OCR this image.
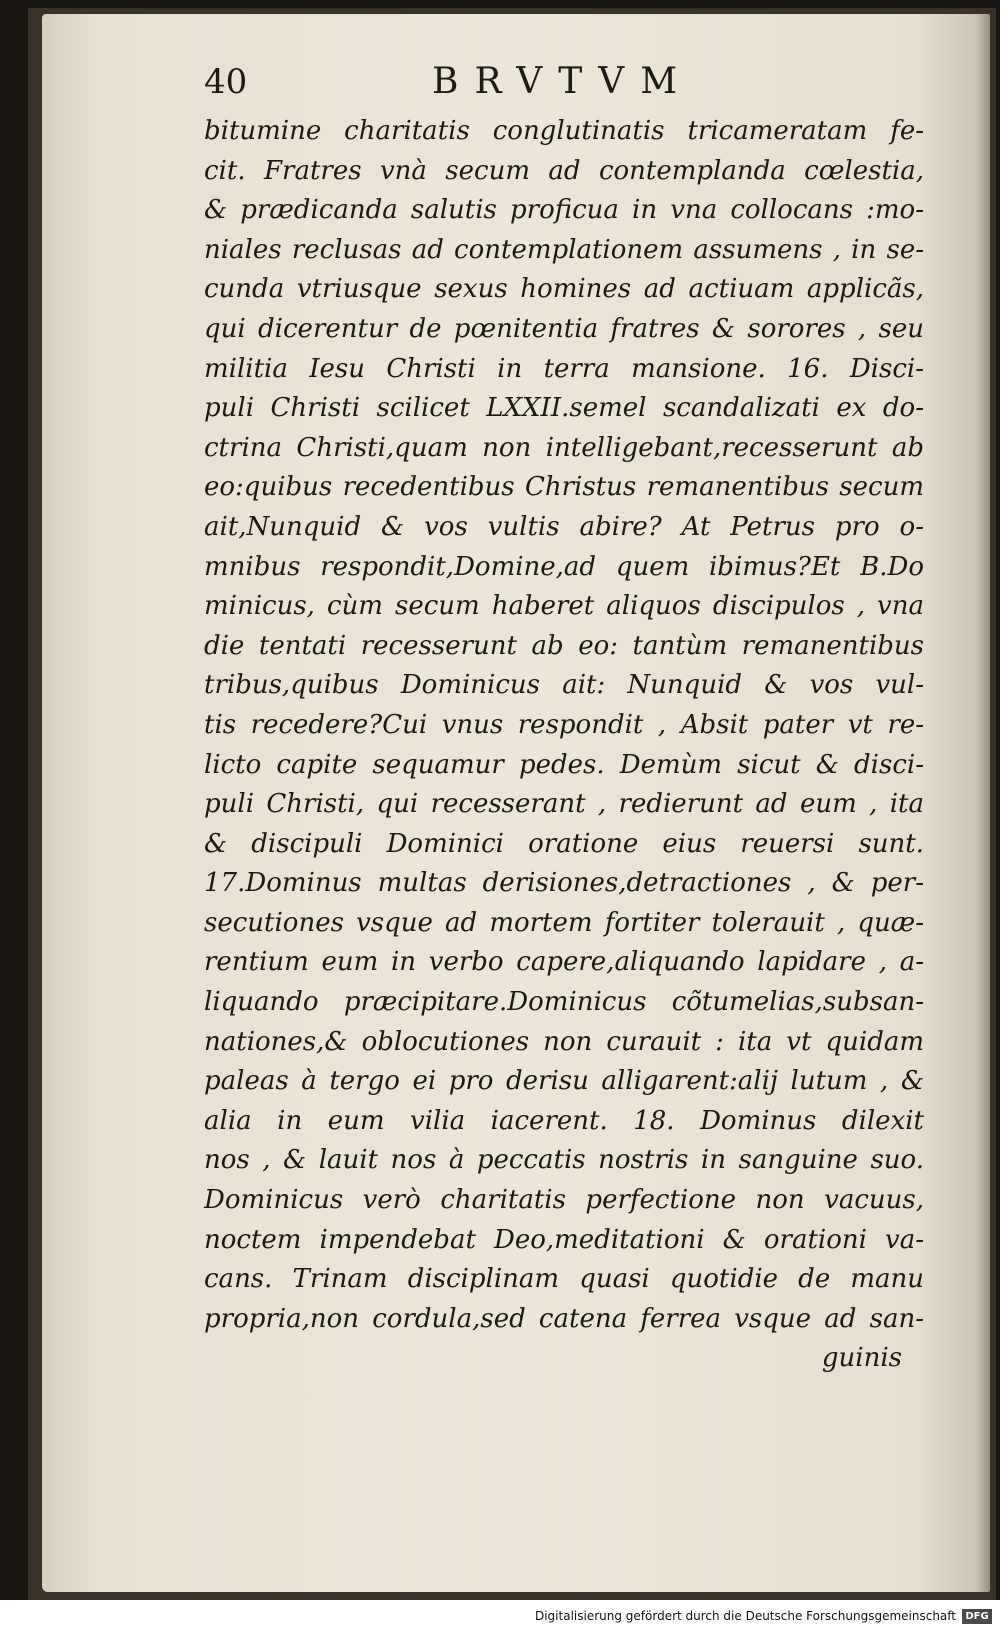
40	BRVTVM
bitumine charitatis conglutinatis tricameratam fe-
cit. Fratres vnà secum ad contemplanda cœlestia,
& prædicanda salutis proficua in vna collocans :mo-
niales reclusas ad contemplationem assumens , in se-
cunda vtriusque sexus homines ad actiuam applicãs,
qui dicerentur de pœnitentia fratres & sorores , seu
militia Iesu Christi in terra mansione. 16. Disci-
puli Christi scilicet LXXII.semel scandalizati ex do-
ctrina Christi,quam non intelligebant,recesserunt ab
eo:quibus recedentibus Christus remanentibus secum
ait,Nunquid & vos vultis abire? At Petrus pro o-
mnibus respondit,Domine,ad quem ibimus?Et B.Do
minicus, cùm secum haberet aliquos discipulos , vna
die tentati recesserunt ab eo: tantùm remanentibus
tribus,quibus Dominicus ait: Nunquid & vos vul-
tis recedere?Cui vnus respondit , Absit pater vt re-
licto capite sequamur pedes. Demùm sicut & disci-
puli Christi, qui recesserant , redierunt ad eum , ita
& discipuli Dominici oratione eius reuersi sunt.
17.Dominus multas derisiones,detractiones , & per-
secutiones vsque ad mortem fortiter tolerauit , quæ-
rentium eum in verbo capere,aliquando lapidare , a-
liquando præcipitare.Dominicus cõtumelias,subsan-
nationes,& oblocutiones non curauit : ita vt quidam
paleas à tergo ei pro derisu alligarent:alij lutum , &
alia in eum vilia iacerent. 18. Dominus dilexit
nos , & lauit nos à peccatis nostris in sanguine suo.
Dominicus verò charitatis perfectione non vacuus,
noctem impendebat Deo,meditationi & orationi va-
cans. Trinam disciplinam quasi quotidie de manu
propria,non cordula,sed catena ferrea vsque ad san-
guinis
Digitalisierung gefördert durch die Deutsche Forschungsgemeinschaft DFG
